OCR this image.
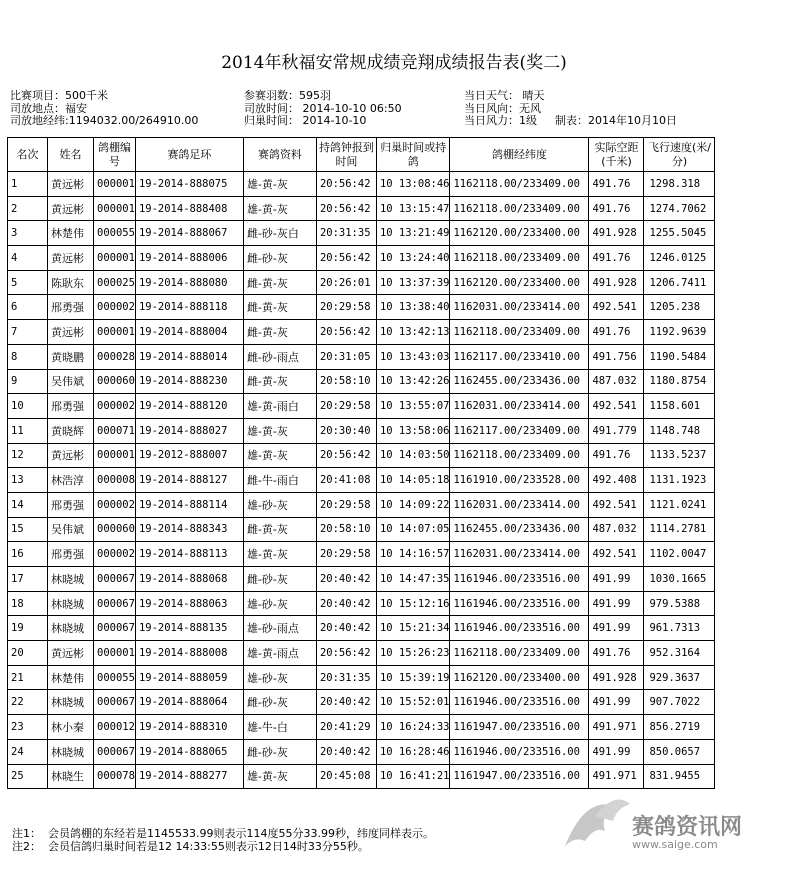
2014年秋福安常规成绩竞翔成绩报告表(奖二)
比赛项目：500千米
司放地点：福安
司放地经纬:1194032.00/264910.00
参赛羽数：595羽
司放时间： 2014-10-10 06:50
归巢时间： 2014-10-10
当日天气： 晴天
当日风向：无风
当日风力：1级 制表：2014年10月10日
名次	姓名	鸽棚编号	赛鸽足环	赛鸽资料	持鸽钟报到时间	归巢时间或持鸽	鸽棚经纬度	实际空距(千米)	飞行速度(米/分)
1	黄远彬	000001	19-2014-888075	雄-黄-灰	20:56:42	10 13:08:46	1162118.00/233409.00	491.76	1298.318
2	黄远彬	000001	19-2014-888408	雄-黄-灰	20:56:42	10 13:15:47	1162118.00/233409.00	491.76	1274.7062
3	林楚伟	000055	19-2014-888067	雌-砂-灰白	20:31:35	10 13:21:49	1162120.00/233400.00	491.928	1255.5045
4	黄远彬	000001	19-2014-888006	雌-砂-灰	20:56:42	10 13:24:40	1162118.00/233409.00	491.76	1246.0125
5	陈耿东	000025	19-2014-888080	雌-黄-灰	20:26:01	10 13:37:39	1162120.00/233400.00	491.928	1206.7411
6	邢勇强	000002	19-2014-888118	雌-黄-灰	20:29:58	10 13:38:40	1162031.00/233414.00	492.541	1205.238
7	黄远彬	000001	19-2014-888004	雌-黄-灰	20:56:42	10 13:42:13	1162118.00/233409.00	491.76	1192.9639
8	黄晓鹏	000028	19-2014-888014	雌-砂-雨点	20:31:05	10 13:43:03	1162117.00/233410.00	491.756	1190.5484
9	吴伟斌	000060	19-2014-888230	雌-黄-灰	20:58:10	10 13:42:26	1162455.00/233436.00	487.032	1180.8754
10	邢勇强	000002	19-2014-888120	雄-黄-雨白	20:29:58	10 13:55:07	1162031.00/233414.00	492.541	1158.601
11	黄晓辉	000071	19-2014-888027	雄-黄-灰	20:30:40	10 13:58:06	1162117.00/233409.00	491.779	1148.748
12	黄远彬	000001	19-2012-888007	雄-黄-灰	20:56:42	10 14:03:50	1162118.00/233409.00	491.76	1133.5237
13	林浩淳	000008	19-2014-888127	雌-牛-雨白	20:41:08	10 14:05:18	1161910.00/233528.00	492.408	1131.1923
14	邢勇强	000002	19-2014-888114	雄-砂-灰	20:29:58	10 14:09:22	1162031.00/233414.00	492.541	1121.0241
15	吴伟斌	000060	19-2014-888343	雌-黄-灰	20:58:10	10 14:07:05	1162455.00/233436.00	487.032	1114.2781
16	邢勇强	000002	19-2014-888113	雄-黄-灰	20:29:58	10 14:16:57	1162031.00/233414.00	492.541	1102.0047
17	林晓城	000067	19-2014-888068	雌-砂-灰	20:40:42	10 14:47:35	1161946.00/233516.00	491.99	1030.1665
18	林晓城	000067	19-2014-888063	雄-砂-灰	20:40:42	10 15:12:16	1161946.00/233516.00	491.99	979.5388
19	林晓城	000067	19-2014-888135	雄-砂-雨点	20:40:42	10 15:21:34	1161946.00/233516.00	491.99	961.7313
20	黄远彬	000001	19-2014-888008	雄-黄-雨点	20:56:42	10 15:26:23	1162118.00/233409.00	491.76	952.3164
21	林楚伟	000055	19-2014-888059	雄-砂-灰	20:31:35	10 15:39:19	1162120.00/233400.00	491.928	929.3637
22	林晓城	000067	19-2014-888064	雌-砂-灰	20:40:42	10 15:52:01	1161946.00/233516.00	491.99	907.7022
23	林小秦	000012	19-2014-888310	雄-牛-白	20:41:29	10 16:24:33	1161947.00/233516.00	491.971	856.2719
24	林晓城	000067	19-2014-888065	雌-砂-灰	20:40:42	10 16:28:46	1161946.00/233516.00	491.99	850.0657
25	林晓生	000078	19-2014-888277	雄-黄-灰	20:45:08	10 16:41:21	1161947.00/233516.00	491.971	831.9455
注1：  会员鸽棚的东经若是1145533.99则表示114度55分33.99秒，纬度同样表示。
注2：  会员信鸽归巢时间若是12 14:33:55则表示12日14时33分55秒。
赛鸽资讯网
www.saige.com
